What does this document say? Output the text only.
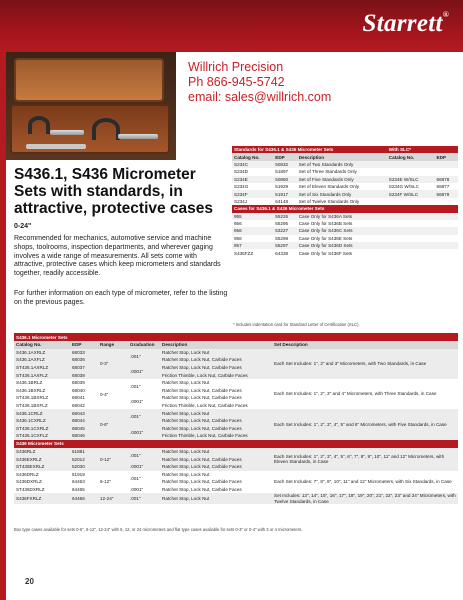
Starrett®
Willrich Precision
Ph 866-945-5742
email: sales@willrich.com
Standards for S436.1 & S436 Micrometer Sets			With SLC*	
Catalog No.	EDP	Description	Catalog No.	EDP
S234C	50832	Set of Two Standards Only		
S234D	51897	Set of Three Standards Only		
S234E	50860	Set of Five Standards Only	S234E W/SLC	66878
S234G	51929	Set of Eleven Standards Only	S234G W/SLC	66877
S234F	51917	Set of Six Standards Only	S234F W/SLC	66879
S234J	64148	Set of Twelve Standards Only		
Cases for S436.1 & S436 Micrometer Sets				
955	55226	Case Only for S436A Sets		
956	55295	Case Only for S436B Sets		
956	53227	Case Only for S436C Sets		
958	55298	Case Only for S436E Sets		
957	55297	Case Only for S436D Sets		
S436FZZ	64339	Case Only for S436F Sets		
* Includes indentation card for Standard Letter of Certification (SLC).
S436.1, S436 Micrometer Sets with standards, in attractive, protective cases
0-24"
Recommended for mechanics, automotive service and machine shops, toolrooms, inspection departments, and wherever gaging involves a wide range of measurements. All sets come with attractive, protective cases which keep micrometers and standards together, readily accessible.
For further information on each type of micrometer, refer to the listing on the previous pages.
S436.1 Micrometer Sets					
Catalog No.	EDP	Range	Graduation	Description	Set Description
S436.1AXRLZ	68033	0-3"	.001"	Ratchet Stop, Lock Nut	Each Set Includes: 1", 2" and 3" Micrometers, with Two Standards, in Case
S436.1AXFLZ	68036			Ratchet Stop, Lock Nut, Carbide Faces	
ST436.1AXRLZ	68037		.0001"	Ratchet Stop, Lock Nut, Carbide Faces	
ST436.1AXFLZ	68038			Friction Thimble, Lock Nut, Carbide Faces	
S436.1BRLZ	68039	0-4"	.001"	Ratchet Stop, Lock Nut	Each Set Includes: 1", 2", 3" and 4" Micrometers, with Three Standards, in Case
S436.1BXRLZ	68040			Ratchet Stop, Lock Nut, Carbide Faces	
ST436.1BXRLZ	68041		.0001"	Ratchet Stop, Lock Nut, Carbide Faces	
ST436.1BXFLZ	68042			Friction Thimble, Lock Nut, Carbide Faces	
S436.1CRLZ	68043	0-6"	.001"	Ratchet Stop, Lock Nut	Each Set Includes: 1", 2", 3", 4", 5" and 6" Micrometers, with Five Standards, in Case
S436.1CXRLZ	68044			Ratchet Stop, Lock Nut, Carbide Faces	
ST436.1CXRLZ	68045		.0001"	Ratchet Stop, Lock Nut, Carbide Faces	
ST436.1CXFLZ	68046			Friction Thimble, Lock Nut, Carbide Faces	
S436 Micrometer Sets					
S436RLZ	51881	0-12"	.001"	Ratchet Stop, Lock Nut	Each Set Includes: 1", 2", 3", 4", 5", 6", 7", 8", 9", 10", 11" and 12" Micrometers, with Eleven Standards, in Case
S436EXRLZ	52012			Ratchet Stop, Lock Nut, Carbide Faces	
ST436EXRLZ	52030		.0001"	Ratchet Stop, Lock Nut, Carbide Faces	
S436DRLZ	51919	6-12"	.001"	Ratchet Stop, Lock Nut	Each Set Includes: 7", 8", 9", 10", 11" and 12" Micrometers, with Six Standards, in Case
S436DXRLZ	64463			Ratchet Stop, Lock Nut, Carbide Faces	
ST436DXRLZ	64465		.0001"	Ratchet Stop, Lock Nut, Carbide Faces	
S436FXRLZ	64466	12-24"	.001"	Ratchet Stop, Lock Nut	Set Includes: 13", 14", 15", 16", 17", 18", 19", 20", 21", 22", 23" and 24" Micrometers, with Twelve Standards, in Case
Box type cases available for sets 0-6", 6-12", 12-24" with 6, 12, or 24 micrometers and flat type cases available for sets 0-3" or 0-4" with 3 or 4 micrometers.
20
